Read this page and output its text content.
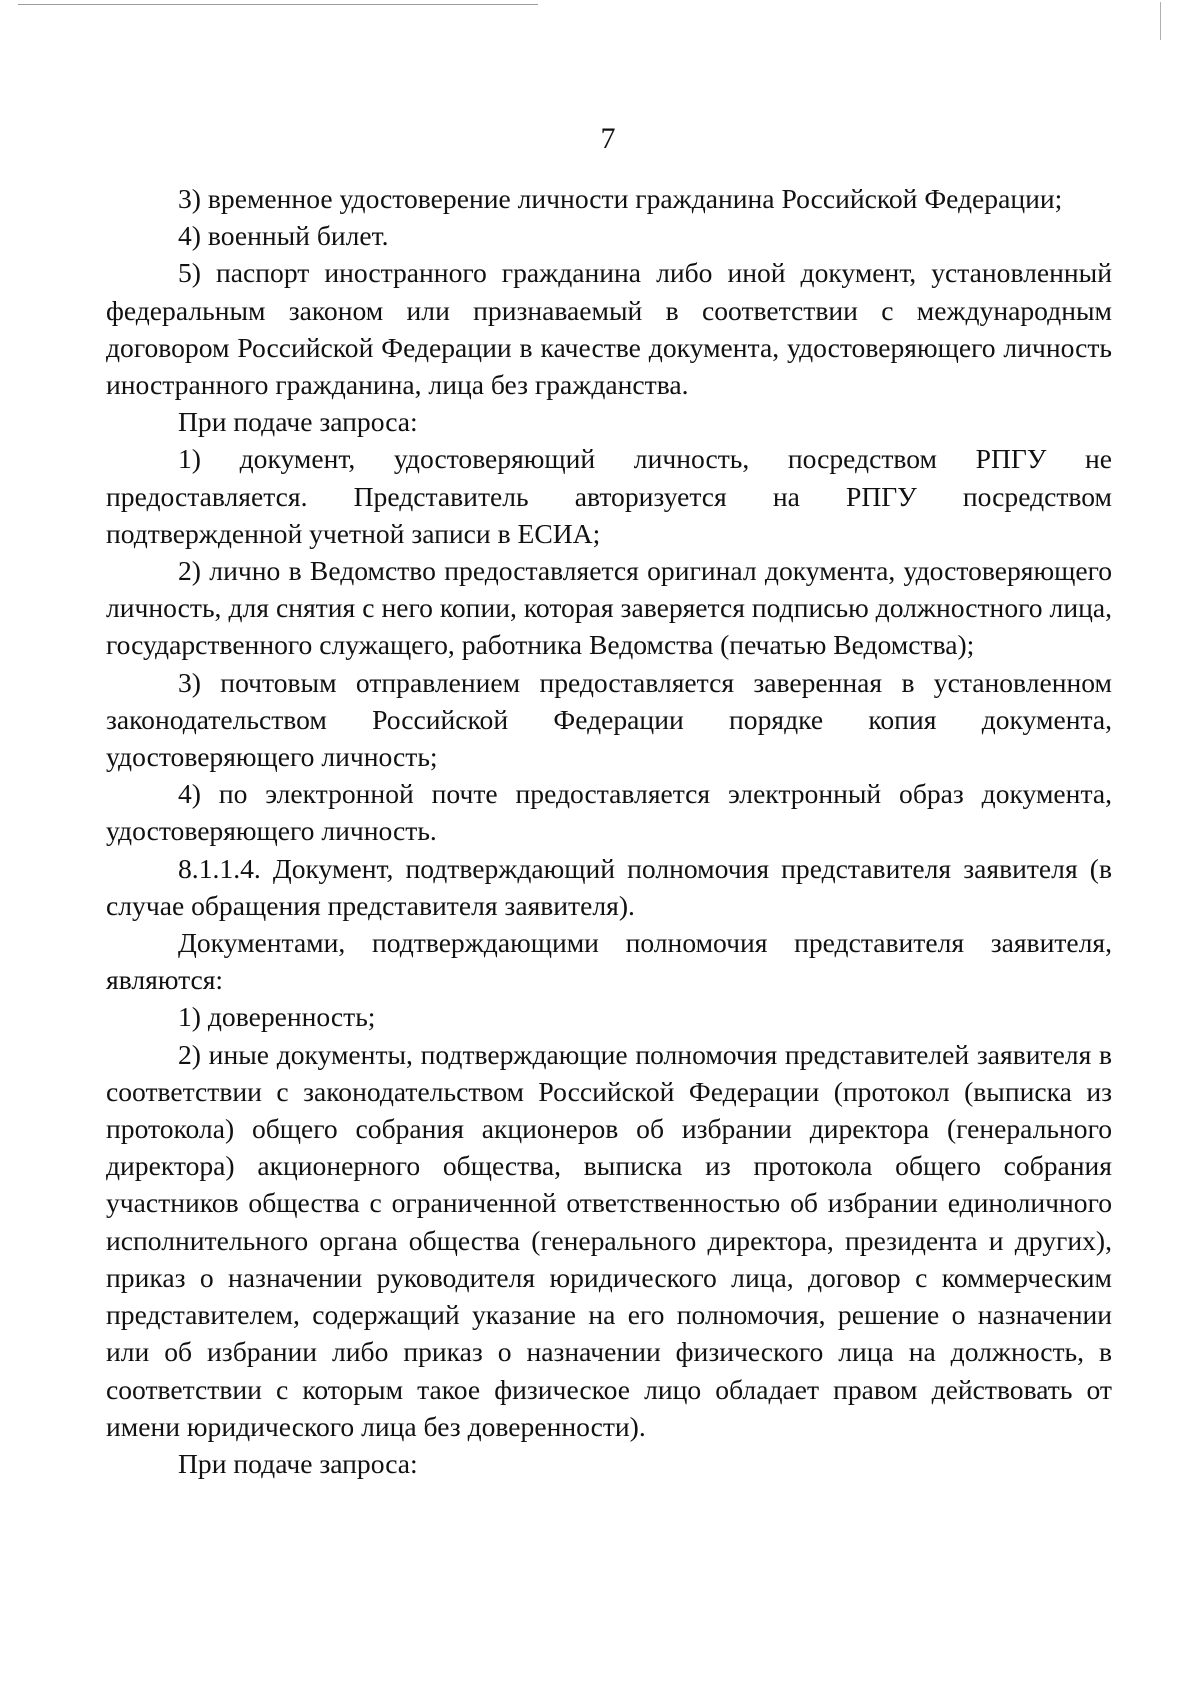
7

3) временное удостоверение личности гражданина Российской Федерации;

4) военный билет.

5) паспорт иностранного гражданина либо иной документ, установленный федеральным законом или признаваемый в соответствии с международным договором Российской Федерации в качестве документа, удостоверяющего личность иностранного гражданина, лица без гражданства.

При подаче запроса:

1) документ, удостоверяющий личность, посредством РПГУ не предоставляется. Представитель авторизуется на РПГУ посредством подтвержденной учетной записи в ЕСИА;

2) лично в Ведомство предоставляется оригинал документа, удостоверяющего личность, для снятия с него копии, которая заверяется подписью должностного лица, государственного служащего, работника Ведомства (печатью Ведомства);

3) почтовым отправлением предоставляется заверенная в установленном законодательством Российской Федерации порядке копия документа, удостоверяющего личность;

4) по электронной почте предоставляется электронный образ документа, удостоверяющего личность.

8.1.1.4. Документ, подтверждающий полномочия представителя заявителя (в случае обращения представителя заявителя).

Документами, подтверждающими полномочия представителя заявителя, являются:

1) доверенность;

2) иные документы, подтверждающие полномочия представителей заявителя в соответствии с законодательством Российской Федерации (протокол (выписка из протокола) общего собрания акционеров об избрании директора (генерального директора) акционерного общества, выписка из протокола общего собрания участников общества с ограниченной ответственностью об избрании единоличного исполнительного органа общества (генерального директора, президента и других), приказ о назначении руководителя юридического лица, договор с коммерческим представителем, содержащий указание на его полномочия, решение о назначении или об избрании либо приказ о назначении физического лица на должность, в соответствии с которым такое физическое лицо обладает правом действовать от имени юридического лица без доверенности).

При подаче запроса:
